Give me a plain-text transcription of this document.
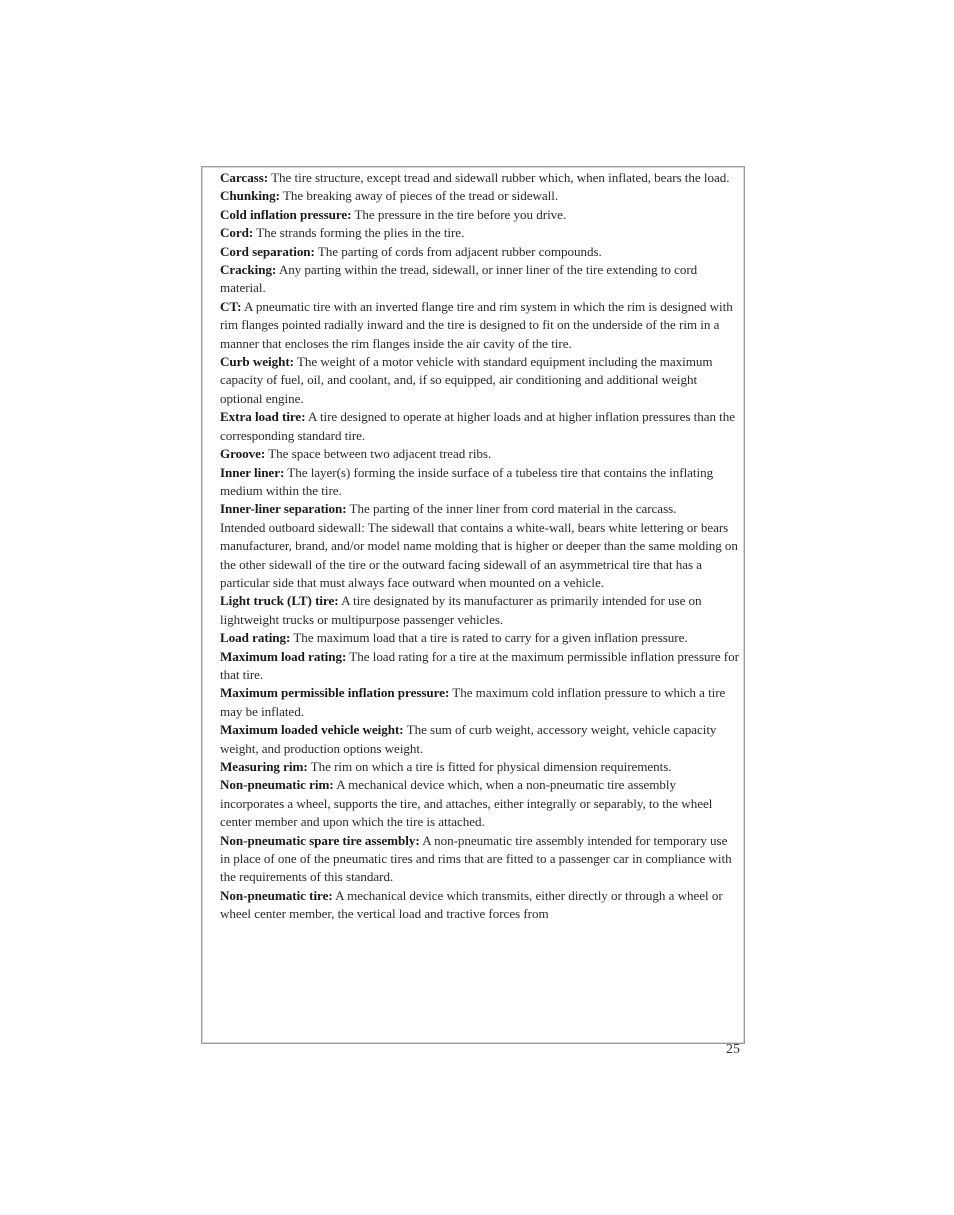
Carcass: The tire structure, except tread and sidewall rubber which, when inflated, bears the load.

Chunking: The breaking away of pieces of the tread or sidewall.

Cold inflation pressure: The pressure in the tire before you drive.

Cord: The strands forming the plies in the tire.

Cord separation: The parting of cords from adjacent rubber compounds.

Cracking: Any parting within the tread, sidewall, or inner liner of the tire extending to cord material.

CT: A pneumatic tire with an inverted flange tire and rim system in which the rim is designed with rim flanges pointed radially inward and the tire is designed to fit on the underside of the rim in a manner that encloses the rim flanges inside the air cavity of the tire.

Curb weight: The weight of a motor vehicle with standard equipment including the maximum capacity of fuel, oil, and coolant, and, if so equipped, air conditioning and additional weight optional engine.

Extra load tire: A tire designed to operate at higher loads and at higher inflation pressures than the corresponding standard tire.

Groove: The space between two adjacent tread ribs.

Inner liner: The layer(s) forming the inside surface of a tubeless tire that contains the inflating medium within the tire.

Inner-liner separation: The parting of the inner liner from cord material in the carcass.

Intended outboard sidewall: The sidewall that contains a white-wall, bears white lettering or bears manufacturer, brand, and/or model name molding that is higher or deeper than the same molding on the other sidewall of the tire or the outward facing sidewall of an asymmetrical tire that has a particular side that must always face outward when mounted on a vehicle.

Light truck (LT) tire: A tire designated by its manufacturer as primarily intended for use on lightweight trucks or multipurpose passenger vehicles.

Load rating: The maximum load that a tire is rated to carry for a given inflation pressure.

Maximum load rating: The load rating for a tire at the maximum permissible inflation pressure for that tire.

Maximum permissible inflation pressure: The maximum cold inflation pressure to which a tire may be inflated.

Maximum loaded vehicle weight: The sum of curb weight, accessory weight, vehicle capacity weight, and production options weight.

Measuring rim: The rim on which a tire is fitted for physical dimension requirements.

Non-pneumatic rim: A mechanical device which, when a non-pneumatic tire assembly incorporates a wheel, supports the tire, and attaches, either integrally or separably, to the wheel center member and upon which the tire is attached.

Non-pneumatic spare tire assembly: A non-pneumatic tire assembly intended for temporary use in place of one of the pneumatic tires and rims that are fitted to a passenger car in compliance with the requirements of this standard.

Non-pneumatic tire: A mechanical device which transmits, either directly or through a wheel or wheel center member, the vertical load and tractive forces from

25
